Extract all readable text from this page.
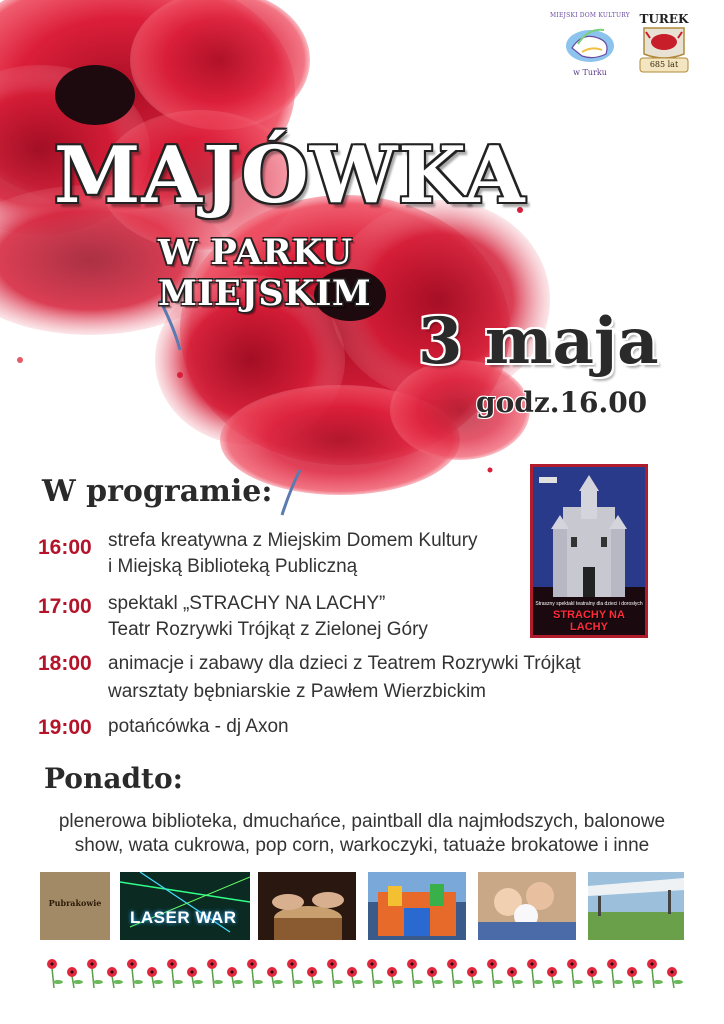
MIEJSKI DOM KULTURY
w Turku
TUREK
685 lat
MAJÓWKA
W PARKU MIEJSKIM
3 maja
godz.16.00
W programie:
16:00 strefa kreatywna z Miejskim Domem Kultury
i Miejską Biblioteką Publiczną
17:00 spektakl „STRACHY NA LACHY”
Teatr Rozrywki Trójkąt z Zielonej Góry
18:00 animacje i zabawy dla dzieci z Teatrem Rozrywki Trójkąt
warsztaty bębniarskie z Pawłem Wierzbickim
19:00 potańcówka - dj Axon
Straszny spektakl teatralny dla dzieci i dorosłych
STRACHY NA LACHY
Ponadto:
plenerowa biblioteka, dmuchańce, paintball dla najmłodszych, balonowe
show, wata cukrowa, pop corn, warkoczyki, tatuaże brokatowe i inne
Pubrakowie
LASER WAR
